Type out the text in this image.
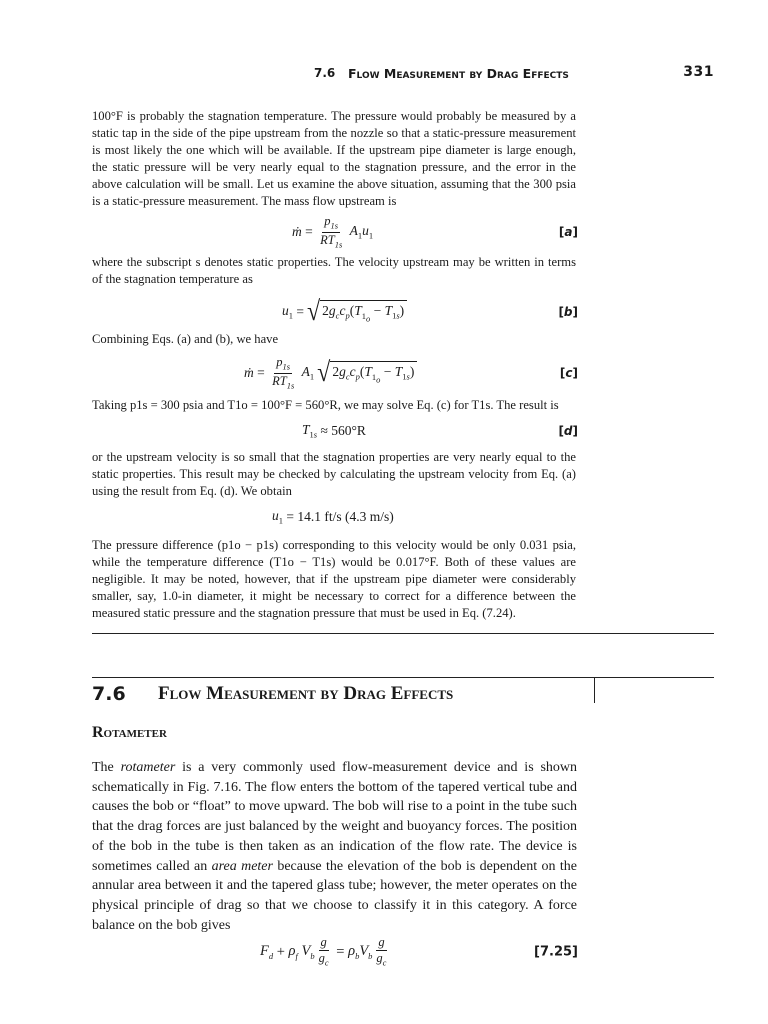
7.6 Flow Measurement by Drag Effects	331

100°F is probably the stagnation temperature. The pressure would probably be measured by a static tap in the side of the pipe upstream from the nozzle so that a static-pressure measurement is most likely the one which will be available. If the upstream pipe diameter is large enough, the static pressure will be very nearly equal to the stagnation pressure, and the error in the above calculation will be small. Let us examine the above situation, assuming that the 300 psia is a static-pressure measurement. The mass flow upstream is

ṁ = $\frac{p_{1s}}{RT_{1s}} A_1u_1$	[a]

where the subscript s denotes static properties. The velocity upstream may be written in terms of the stagnation temperature as

$u_1$ = √ $2g_cc_p(T_{1_o} - T_{1s})$	[b]

Combining Eqs. (a) and (b), we have

ṁ = $\frac{p_{1s}}{RT_{1s}} A_1$ √ $2g_cc_p(T_{1_o} - T_{1s})$	[c]

Taking p1s = 300 psia and T1o = 100°F = 560°R, we may solve Eq. (c) for T1s. The result is

$T_{1s} \approx 560^\circ R$	[d]

or the upstream velocity is so small that the stagnation properties are very nearly equal to the static properties. This result may be checked by calculating the upstream velocity from Eq. (a) using the result from Eq. (d). We obtain

$u_1 = 14.1$ ft/s (4.3 m/s)

The pressure difference (p1o − p1s) corresponding to this velocity would be only 0.031 psia, while the temperature difference (T1o − T1s) would be 0.017°F. Both of these values are negligible. It may be noted, however, that if the upstream pipe diameter were considerably smaller, say, 1.0-in diameter, it might be necessary to correct for a difference between the measured static pressure and the stagnation pressure that must be used in Eq. (7.24).

7.6 Flow Measurement by Drag Effects
Rotameter

The rotameter is a very commonly used flow-measurement device and is shown schematically in Fig. 7.16. The flow enters the bottom of the tapered vertical tube and causes the bob or “float” to move upward. The bob will rise to a point in the tube such that the drag forces are just balanced by the weight and buoyancy forces. The position of the bob in the tube is then taken as an indication of the flow rate. The device is sometimes called an area meter because the elevation of the bob is dependent on the annular area between it and the tapered glass tube; however, the meter operates on the physical principle of drag so that we choose to classify it in this category. A force balance on the bob gives

$F_d + \rho_f$ $V_b \frac{g}{g_c} = \rho_bV_b \frac{g}{g_c}$	[7.25]
